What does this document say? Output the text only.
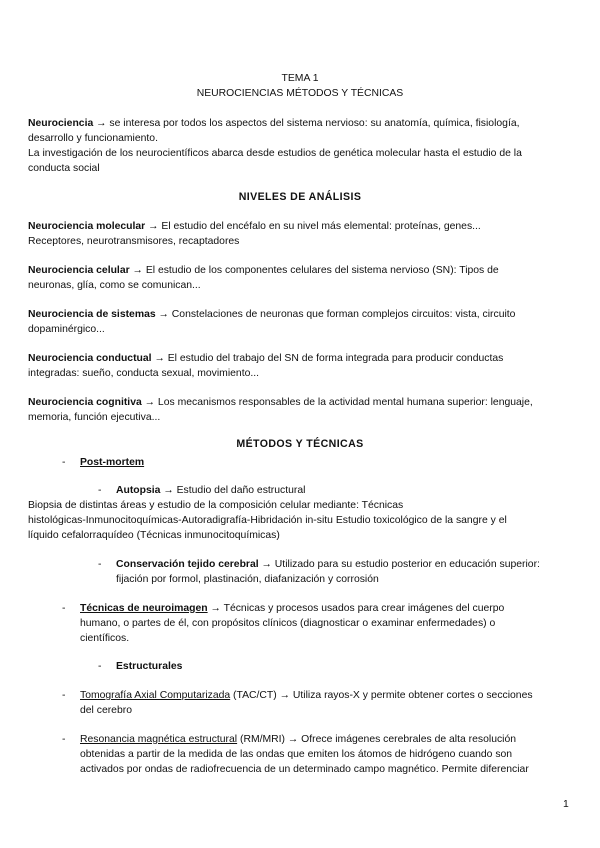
TEMA 1
NEUROCIENCIAS MÉTODOS Y TÉCNICAS
Neurociencia → se interesa por todos los aspectos del sistema nervioso: su anatomía, química, fisiología,
desarrollo y funcionamiento.
La investigación de los neurocientíficos abarca desde estudios de genética molecular hasta el estudio de la
conducta social
NIVELES DE ANÁLISIS
Neurociencia molecular → El estudio del encéfalo en su nivel más elemental: proteínas, genes...
Receptores, neurotransmisores, recaptadores
Neurociencia celular → El estudio de los componentes celulares del sistema nervioso (SN): Tipos de
neuronas, glía, como se comunican...
Neurociencia de sistemas → Constelaciones de neuronas que forman complejos circuitos: vista, circuito
dopaminérgico...
Neurociencia conductual → El estudio del trabajo del SN de forma integrada para producir conductas
integradas: sueño, conducta sexual, movimiento...
Neurociencia cognitiva → Los mecanismos responsables de la actividad mental humana superior: lenguaje,
memoria, función ejecutiva...
MÉTODOS Y TÉCNICAS
- Post-mortem
- Autopsia → Estudio del daño estructural
Biopsia de distintas áreas y estudio de la composición celular mediante: Técnicas
histológicas-Inmunocitoquímicas-Autoradigrafía-Hibridación in-situ Estudio toxicológico de la sangre y el
líquido cefalorraquídeo (Técnicas inmunocitoquímicas)
- Conservación tejido cerebral → Utilizado para su estudio posterior en educación superior:
fijación por formol, plastinación, diafanización y corrosión
- Técnicas de neuroimagen → Técnicas y procesos usados para crear imágenes del cuerpo
humano, o partes de él, con propósitos clínicos (diagnosticar o examinar enfermedades) o
científicos.
- Estructurales
- Tomografía Axial Computarizada (TAC/CT) → Utiliza rayos-X y permite obtener cortes o secciones
del cerebro
- Resonancia magnética estructural (RM/MRI) → Ofrece imágenes cerebrales de alta resolución
obtenidas a partir de la medida de las ondas que emiten los átomos de hidrógeno cuando son
activados por ondas de radiofrecuencia de un determinado campo magnético. Permite diferenciar
1
